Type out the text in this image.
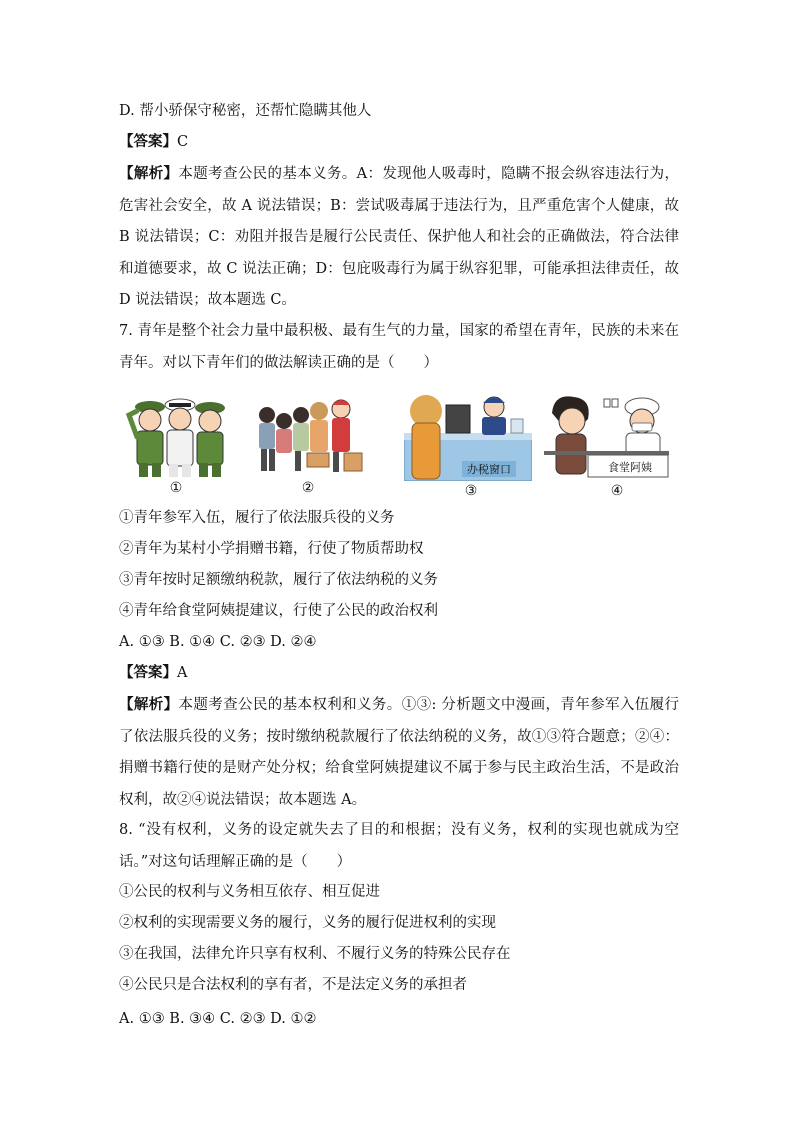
D. 帮小骄保守秘密，还帮忙隐瞒其他人
【答案】C
【解析】本题考查公民的基本义务。A：发现他人吸毒时，隐瞒不报会纵容违法行为，危害社会安全，故 A 说法错误；B：尝试吸毒属于违法行为，且严重危害个人健康，故 B 说法错误；C：劝阻并报告是履行公民责任、保护他人和社会的正确做法，符合法律和道德要求，故 C 说法正确；D：包庇吸毒行为属于纵容犯罪，可能承担法律责任，故 D 说法错误；故本题选 C。
7. 青年是整个社会力量中最积极、最有生气的力量，国家的希望在青年，民族的未来在青年。对以下青年们的做法解读正确的是（　　）
①	②
办税窗口
③
食堂阿姨
④
①青年参军入伍，履行了依法服兵役的义务
②青年为某村小学捐赠书籍，行使了物质帮助权
③青年按时足额缴纳税款，履行了依法纳税的义务
④青年给食堂阿姨提建议，行使了公民的政治权利
A. ①③ B. ①④ C. ②③ D. ②④
【答案】A
【解析】本题考查公民的基本权利和义务。①③: 分析题文中漫画，青年参军入伍履行了依法服兵役的义务；按时缴纳税款履行了依法纳税的义务，故①③符合题意；②④：捐赠书籍行使的是财产处分权；给食堂阿姨提建议不属于参与民主政治生活，不是政治权利，故②④说法错误；故本题选 A。
8. “没有权利，义务的设定就失去了目的和根据；没有义务，权利的实现也就成为空话。”对这句话理解正确的是（　　）
①公民的权利与义务相互依存、相互促进
②权利的实现需要义务的履行，义务的履行促进权利的实现
③在我国，法律允许只享有权利、不履行义务的特殊公民存在
④公民只是合法权利的享有者，不是法定义务的承担者
A. ①③ B. ③④ C. ②③ D. ①②
